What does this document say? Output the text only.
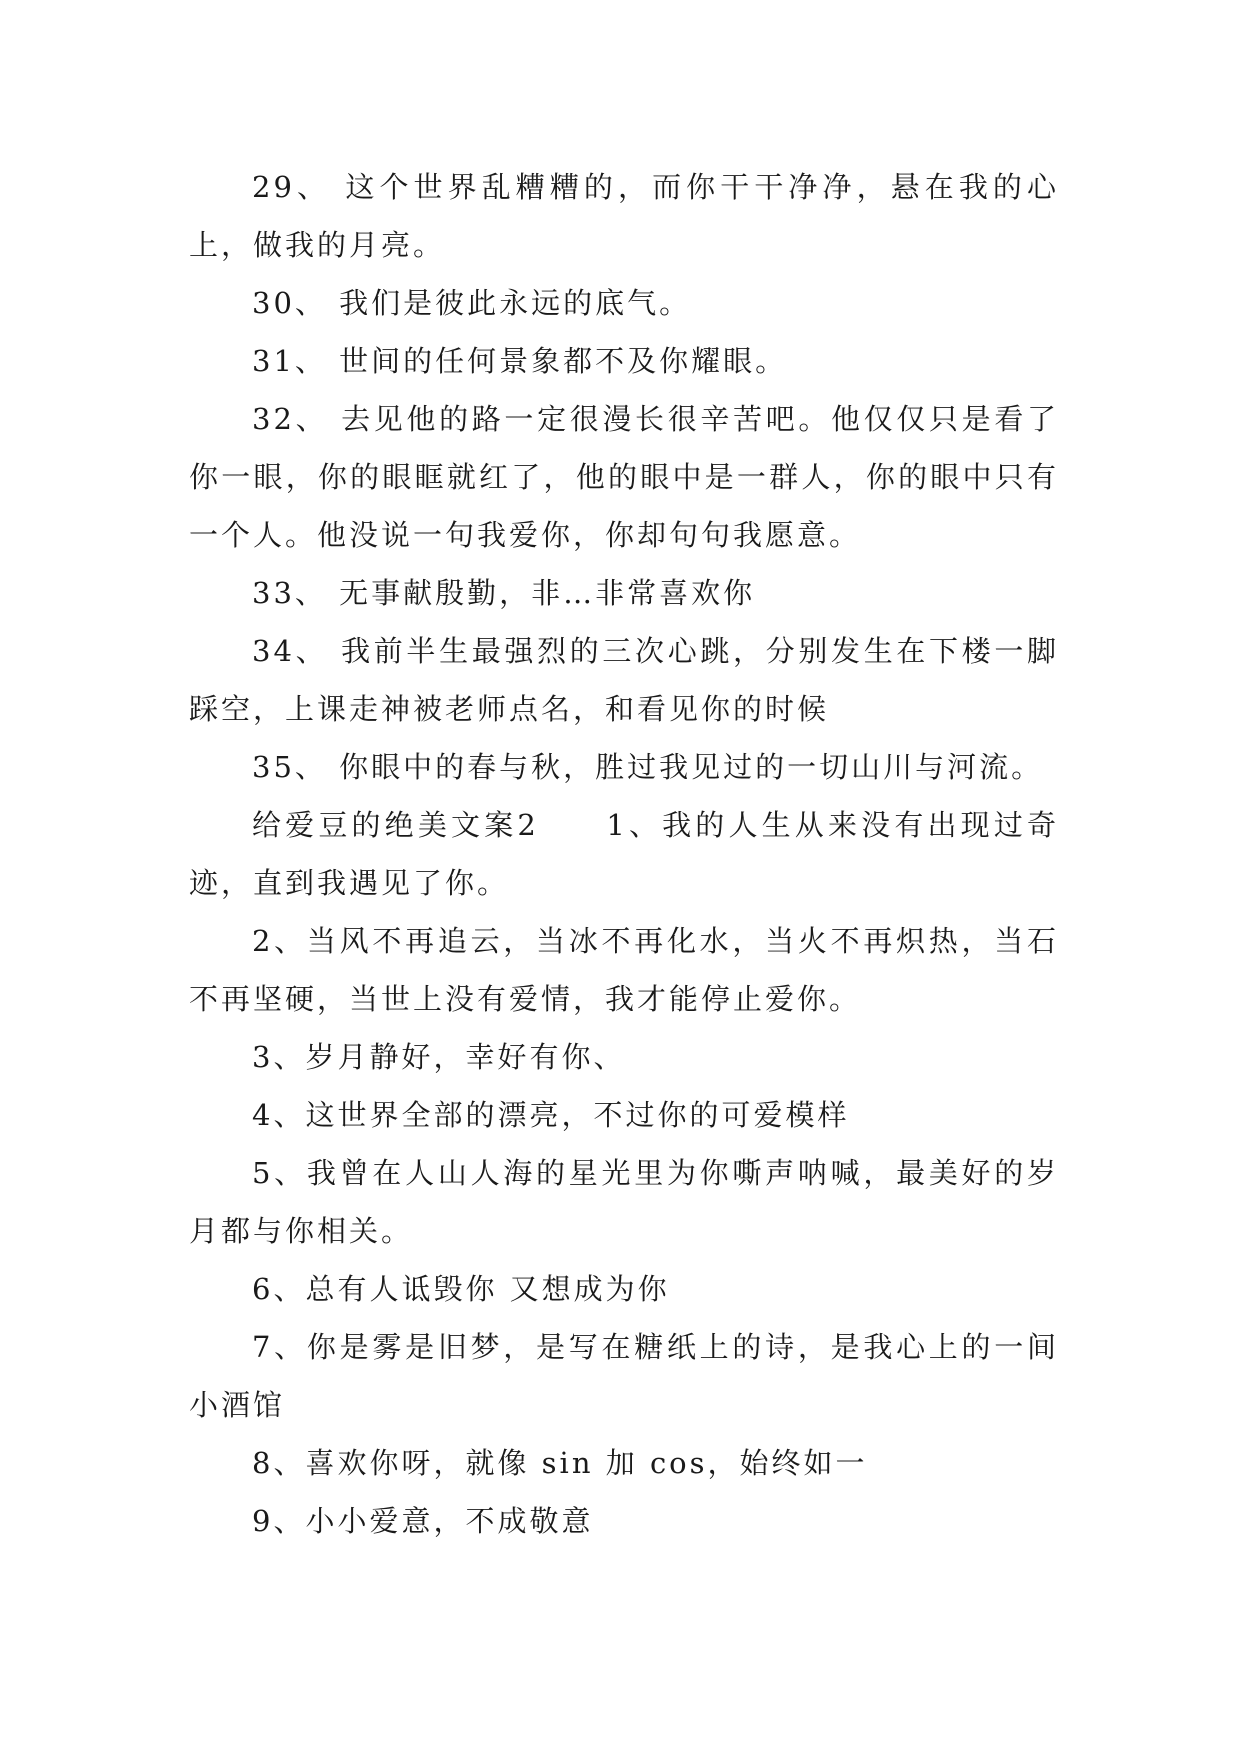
29、 这个世界乱糟糟的，而你干干净净，悬在我的心上，做我的月亮。

30、 我们是彼此永远的底气。

31、 世间的任何景象都不及你耀眼。

32、 去见他的路一定很漫长很辛苦吧。他仅仅只是看了你一眼，你的眼眶就红了，他的眼中是一群人，你的眼中只有一个人。他没说一句我爱你，你却句句我愿意。

33、 无事献殷勤，非…非常喜欢你

34、 我前半生最强烈的三次心跳，分别发生在下楼一脚踩空，上课走神被老师点名，和看见你的时候

35、 你眼中的春与秋，胜过我见过的一切山川与河流。

给爱豆的绝美文案2　　1、我的人生从来没有出现过奇迹，直到我遇见了你。

2、当风不再追云，当冰不再化水，当火不再炽热，当石不再坚硬，当世上没有爱情，我才能停止爱你。

3、岁月静好，幸好有你、

4、这世界全部的漂亮，不过你的可爱模样

5、我曾在人山人海的星光里为你嘶声呐喊，最美好的岁月都与你相关。

6、总有人诋毁你 又想成为你

7、你是雾是旧梦，是写在糖纸上的诗，是我心上的一间小酒馆

8、喜欢你呀，就像 sin 加 cos，始终如一

9、小小爱意，不成敬意
